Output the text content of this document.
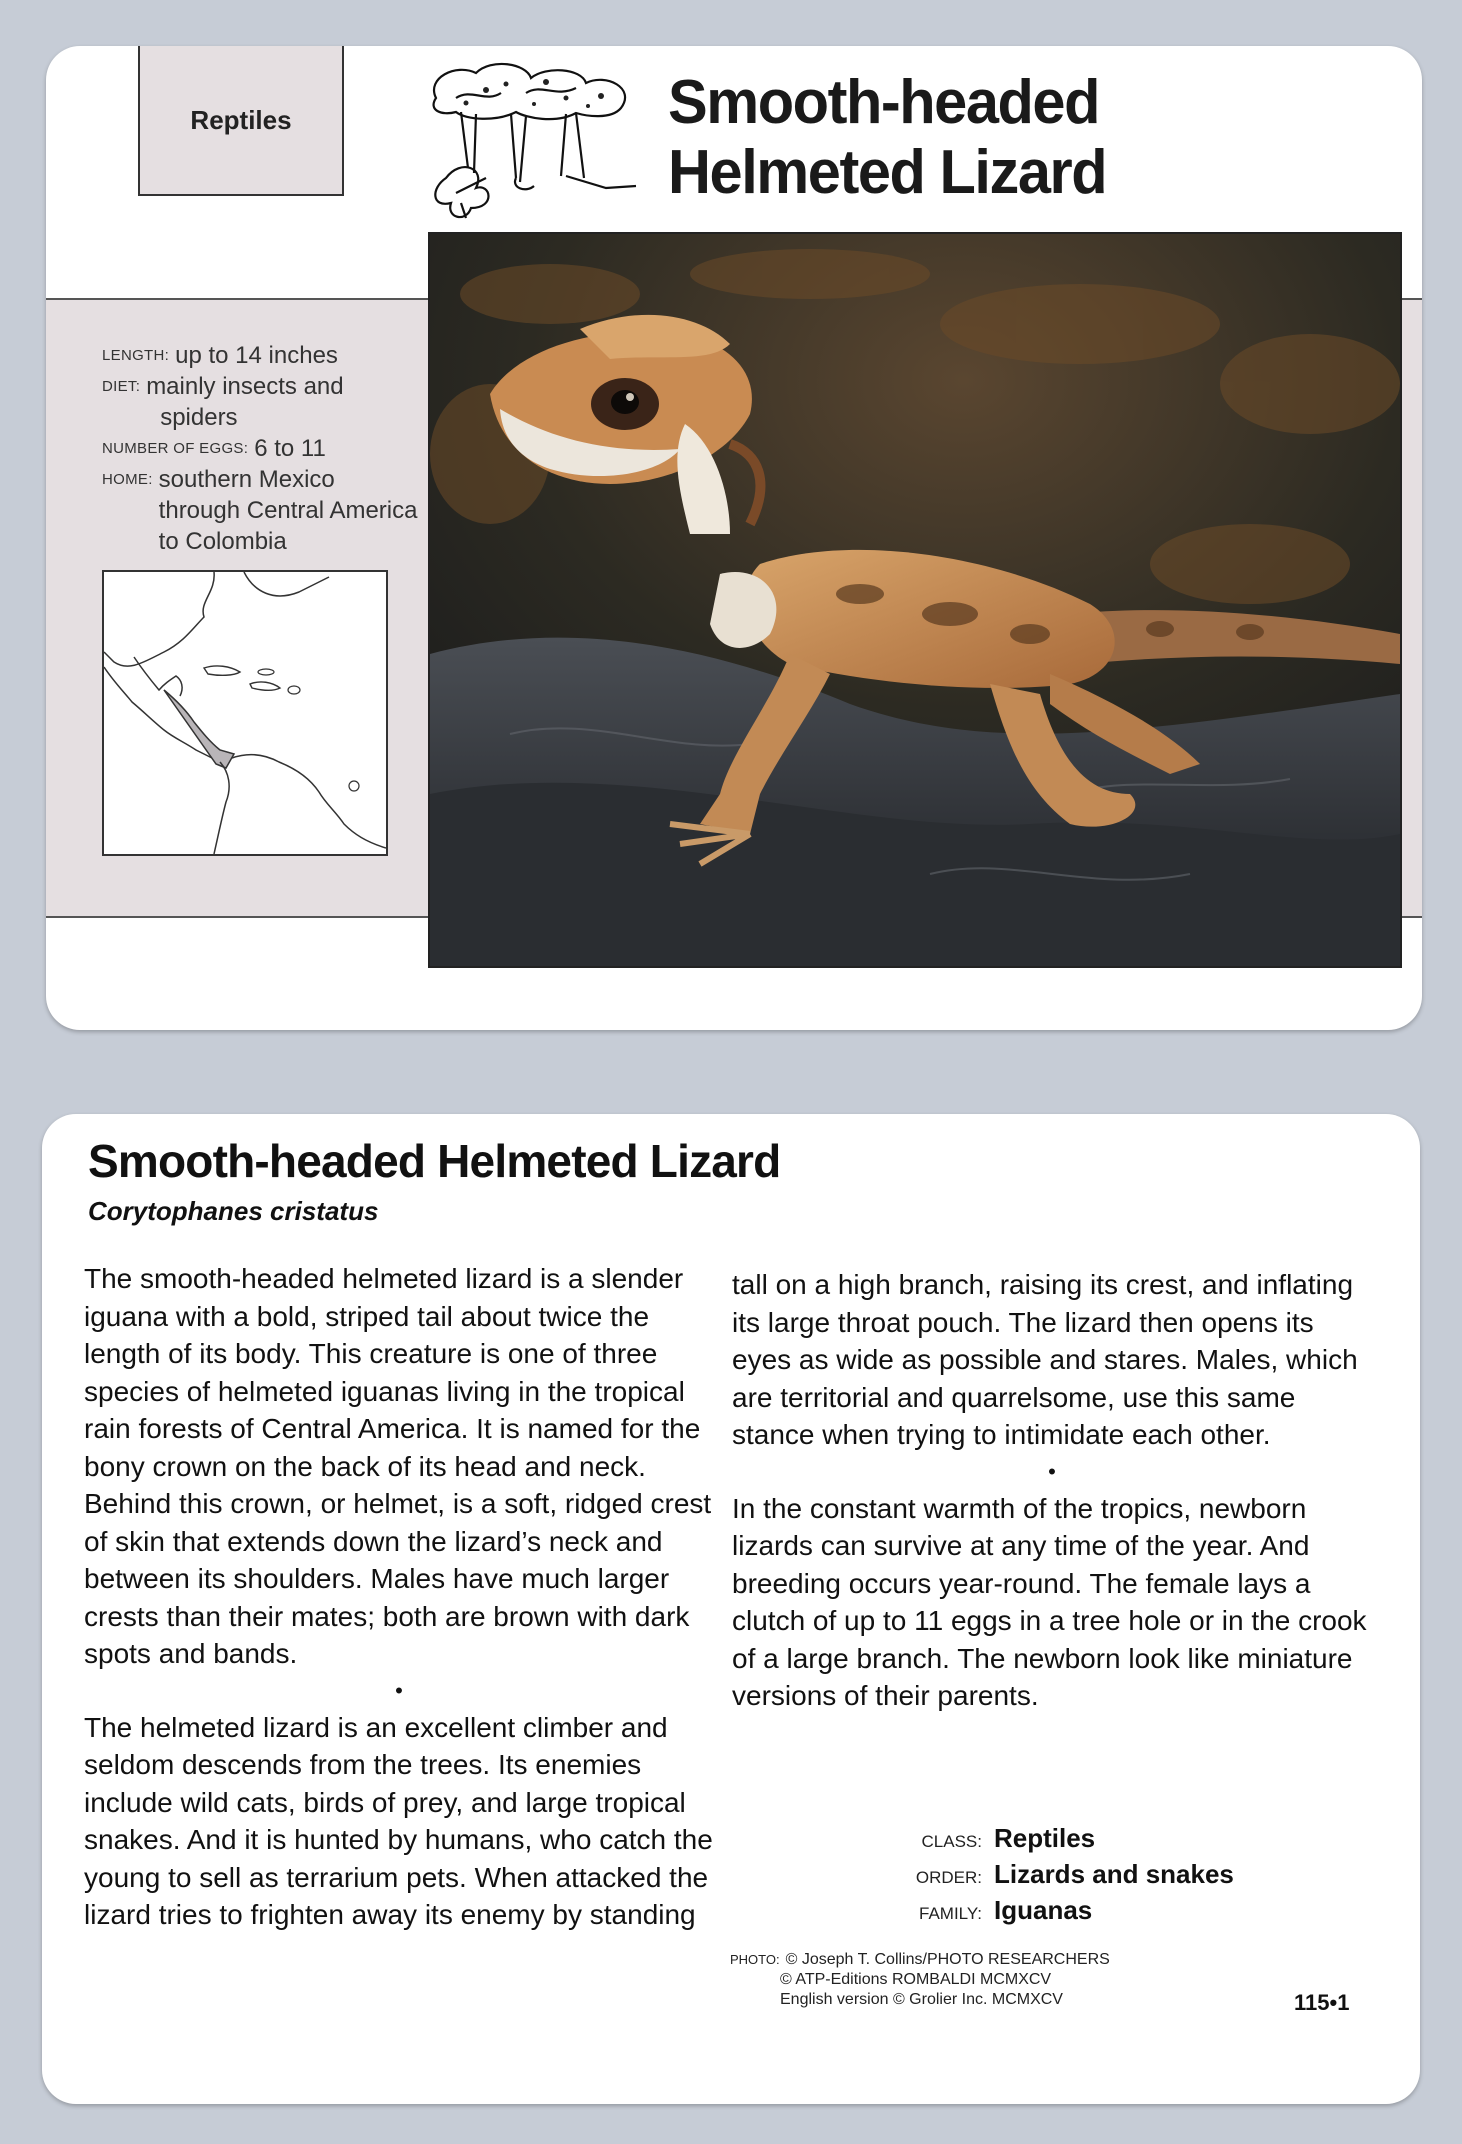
Reptiles	Smooth-headed
Helmeted Lizard
LENGTH: up to 14 inches
DIET: mainly insects and
spiders
NUMBER OF EGGS: 6 to 11
HOME: southern Mexico
through Central America
to Colombia
Smooth-headed Helmeted Lizard
Corytophanes cristatus

The smooth-headed helmeted lizard is a slender iguana with a bold, striped tail about twice the length of its body. This creature is one of three species of helmeted iguanas living in the tropical rain forests of Central America. It is named for the bony crown on the back of its head and neck. Behind this crown, or helmet, is a soft, ridged crest of skin that extends down the lizard’s neck and between its shoulders. Males have much larger crests than their mates; both are brown with dark spots and bands.

•

The helmeted lizard is an excellent climber and seldom descends from the trees. Its enemies include wild cats, birds of prey, and large tropical snakes. And it is hunted by humans, who catch the young to sell as terrarium pets. When attacked the lizard tries to frighten away its enemy by standing

tall on a high branch, raising its crest, and inflating its large throat pouch. The lizard then opens its eyes as wide as possible and stares. Males, which are territorial and quarrelsome, use this same stance when trying to intimidate each other.

•

In the constant warmth of the tropics, newborn lizards can survive at any time of the year. And breeding occurs year-round. The female lays a clutch of up to 11 eggs in a tree hole or in the crook of a large branch. The newborn look like miniature versions of their parents.

CLASS: Reptiles
ORDER: Lizards and snakes
FAMILY: Iguanas
PHOTO: © Joseph T. Collins/PHOTO RESEARCHERS
© ATP-Editions ROMBALDI MCMXCV
English version © Grolier Inc. MCMXCV	115•1
